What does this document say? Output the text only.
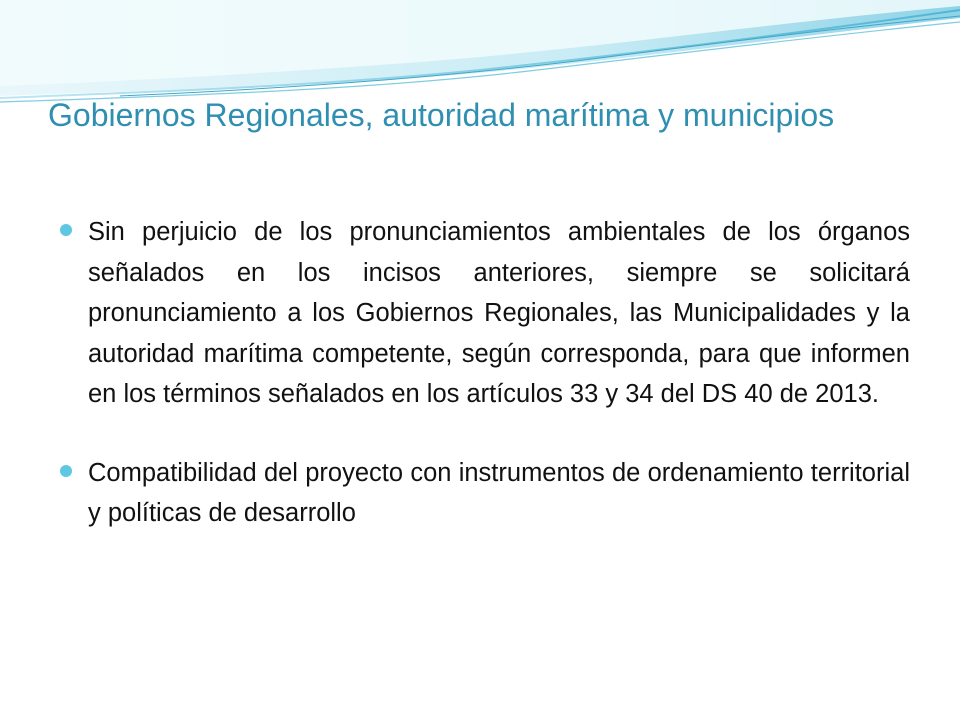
Gobiernos Regionales, autoridad marítima y municipios
Sin perjuicio de los pronunciamientos ambientales de los órganos señalados en los incisos anteriores, siempre se solicitará pronunciamiento a los Gobiernos Regionales, las Municipalidades y la autoridad marítima competente, según corresponda, para que informen en los términos señalados en los artículos 33 y 34 del DS 40 de 2013.
Compatibilidad del proyecto con instrumentos de ordenamiento territorial y políticas de desarrollo
